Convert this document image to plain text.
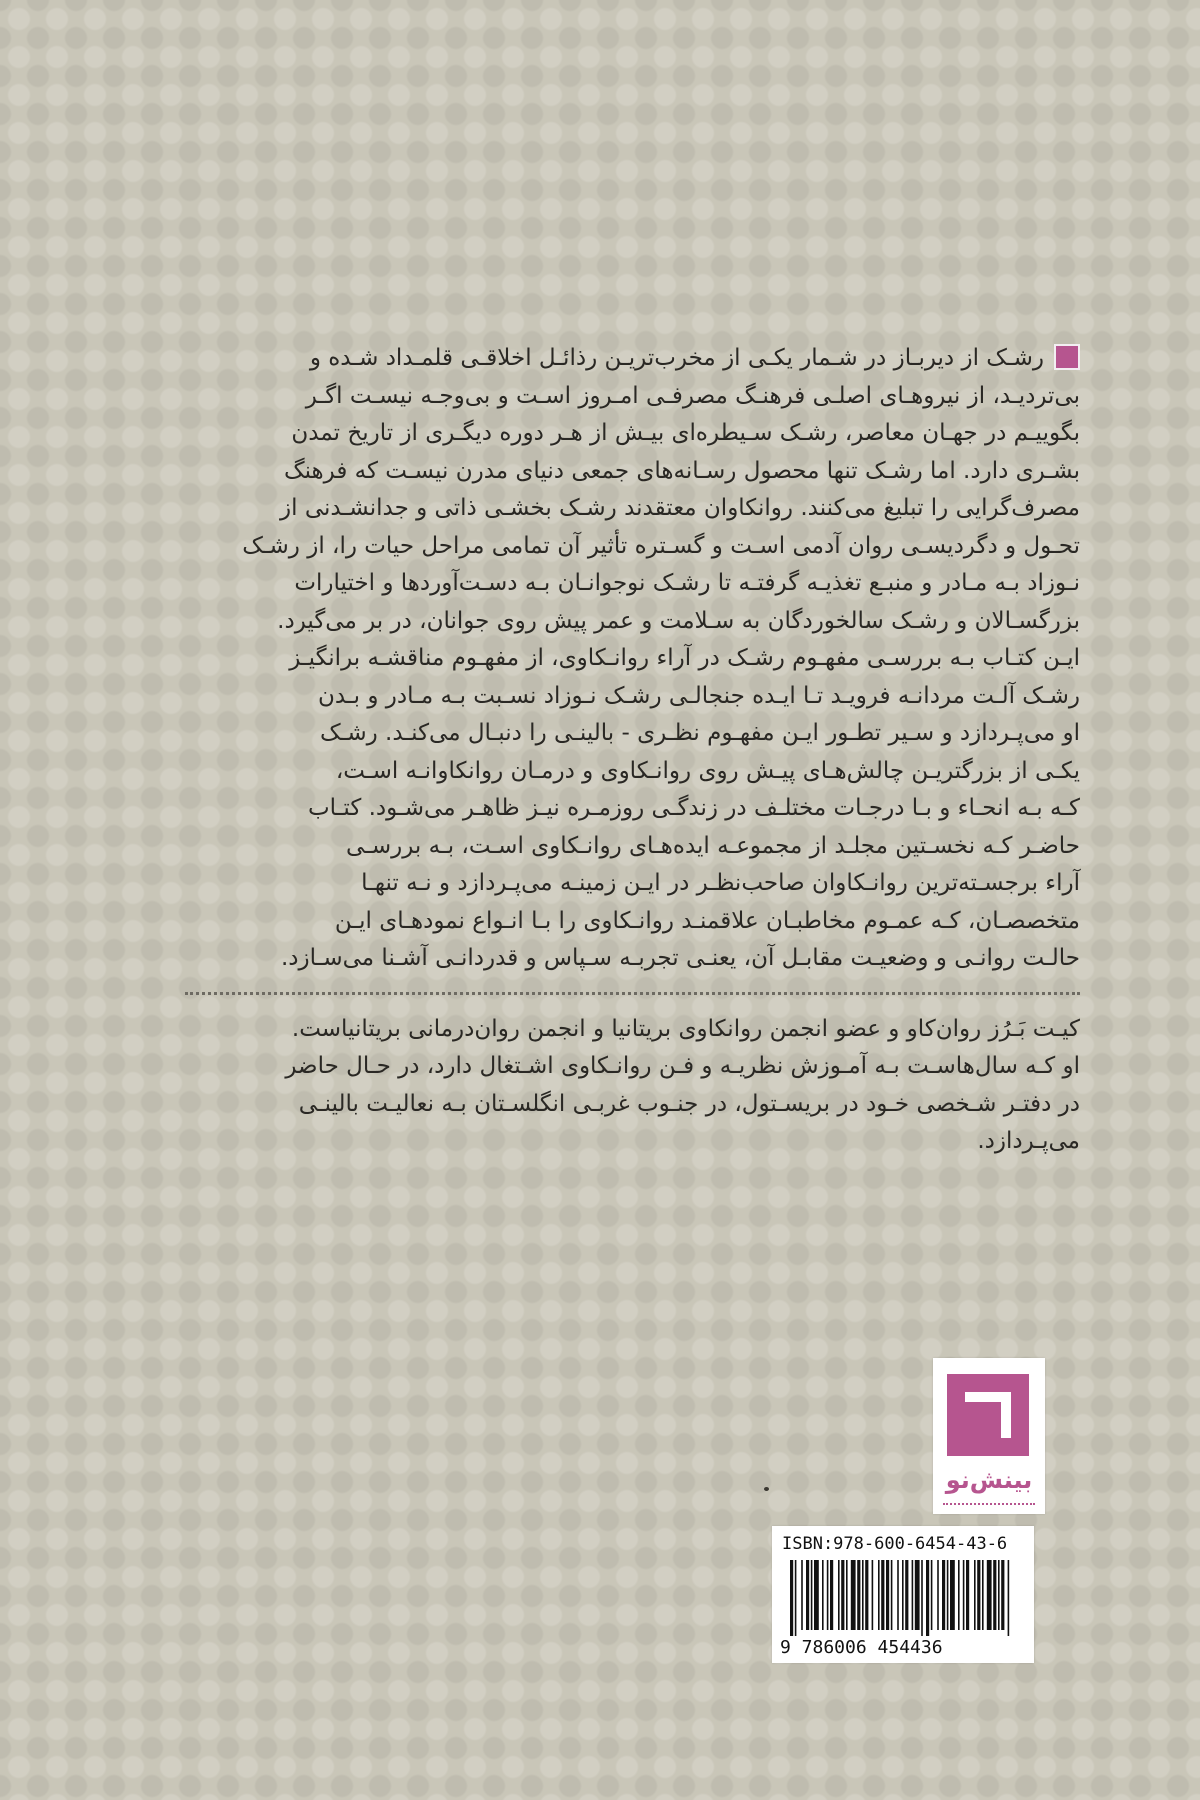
رشـک از دیربـاز در شـمار یکـی از مخرب‌تریـن رذائـل اخلاقـی قلمـداد شـده و

بی‌تردیـد، از نیروهـای اصلـی فرهنـگ مصرفـی امـروز اسـت و بی‌وجـه نیسـت اگـر

بگوییـم در جهـان معاصر، رشـک سـیطره‌ای بیـش از هـر دوره دیگـری از تاریخ تمدن

بشـری دارد. اما رشـک تنها محصول رسـانه‌های جمعی دنیای مدرن نیسـت که فرهنگ

مصرف‌گرایی را تبلیغ می‌کنند. روانکاوان معتقدند رشـک بخشـی ذاتی و جدانشـدنی از

تحـول و دگردیسـی روان آدمی اسـت و گسـتره تأثیر آن تمامی مراحل حیات را، از رشـک

نـوزاد بـه مـادر و منبـع تغذیـه گرفتـه تا رشـک نوجوانـان بـه دسـت‌آوردها و اختیارات

بزرگسـالان و رشـک سالخوردگان به سـلامت و عمر پیش روی جوانان، در بر می‌گیرد.

ایـن کتـاب بـه بررسـی مفهـوم رشـک در آراء روانـکاوی، از مفهـوم مناقشـه برانگیـز

رشـک آلـت مردانـه فرویـد تـا ایـده جنجالـی رشـک نـوزاد نسـبت بـه مـادر و بـدن

او می‌پـردازد و سـیر تطـور ایـن مفهـوم نظـری - بالینـی را دنبـال می‌کنـد. رشـک

یکـی از بزرگتریـن چالش‌هـای پیـش روی روانـکاوی و درمـان روانکاوانـه اسـت،

کـه بـه انحـاء و بـا درجـات مختلـف در زندگـی روزمـره نیـز ظاهـر می‌شـود. کتـاب

حاضـر کـه نخسـتین مجلـد از مجموعـه ایده‌هـای روانـکاوی اسـت، بـه بررسـی

آراء برجسـته‌ترین روانـکاوان صاحب‌نظـر در ایـن زمینـه می‌پـردازد و نـه تنهـا

متخصصـان، کـه عمـوم مخاطبـان علاقمنـد روانـکاوی را بـا انـواع نمودهـای ایـن

حالـت روانـی و وضعیـت مقابـل آن، یعنـی تجربـه سـپاس و قدردانـی آشـنا می‌سـازد.

کیـت بَـرُز روان‌کاو و عضو انجمن روانکاوی بریتانیا و انجمن روان‌درمانی بریتانیاست.

او کـه سال‌هاسـت بـه آمـوزش نظریـه و فـن روانـکاوی اشـتغال دارد، در حـال حاضر

در دفتـر شـخصی خـود در بریسـتول، در جنـوب غربـی انگلسـتان بـه نعالیـت بالینـی

می‌پـردازد.

بینش‌نو
ISBN:978-600-6454-43-6
9 786006 454436
